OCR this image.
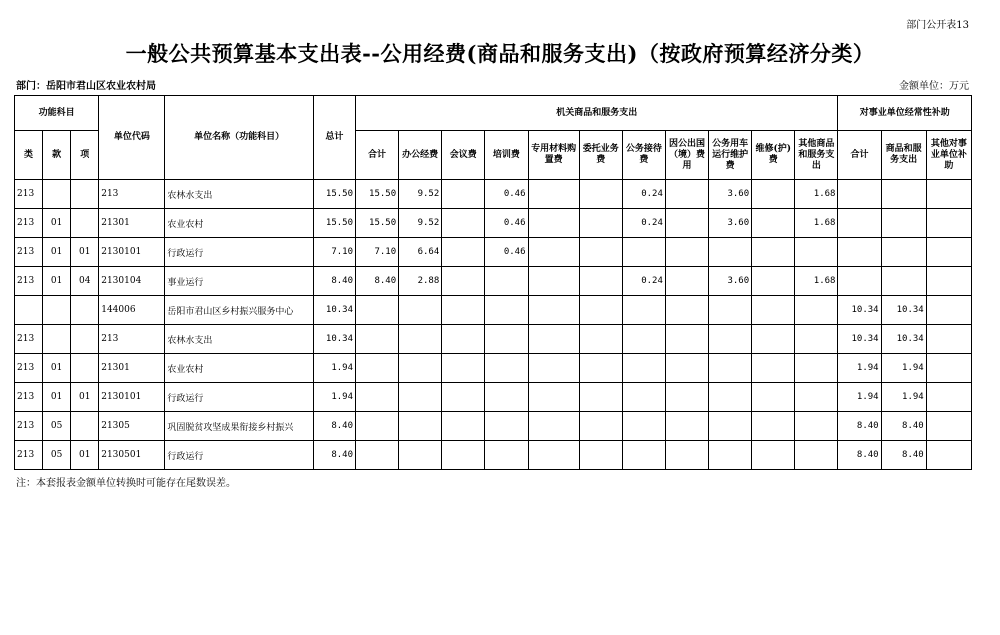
部门公开表13
一般公共预算基本支出表--公用经费(商品和服务支出)（按政府预算经济分类）
部门：岳阳市君山区农业农村局	金额单位：万元
功能科目			单位代码	单位名称（功能科目）	总计	机关商品和服务支出											对事业单位经常性补助		
类	款	项				合计	办公经费	会议费	培训费	专用材料购置费	委托业务费	公务接待费	因公出国（境）费用	公务用车运行维护费	维修(护)费	其他商品和服务支出	合计	商品和服务支出	其他对事业单位补助
213			213	农林水支出	15.50	15.50	9.52		0.46			0.24		3.60		1.68			
213	01		21301	农业农村	15.50	15.50	9.52		0.46			0.24		3.60		1.68			
213	01	01	2130101	行政运行	7.10	7.10	6.64		0.46										
213	01	04	2130104	事业运行	8.40	8.40	2.88					0.24		3.60		1.68			
			144006	岳阳市君山区乡村振兴服务中心	10.34												10.34	10.34	
213			213	农林水支出	10.34												10.34	10.34	
213	01		21301	农业农村	1.94												1.94	1.94	
213	01	01	2130101	行政运行	1.94												1.94	1.94	
213	05		21305	巩固脱贫攻坚成果衔接乡村振兴	8.40												8.40	8.40	
213	05	01	2130501	行政运行	8.40												8.40	8.40	
注：本套报表金额单位转换时可能存在尾数误差。
